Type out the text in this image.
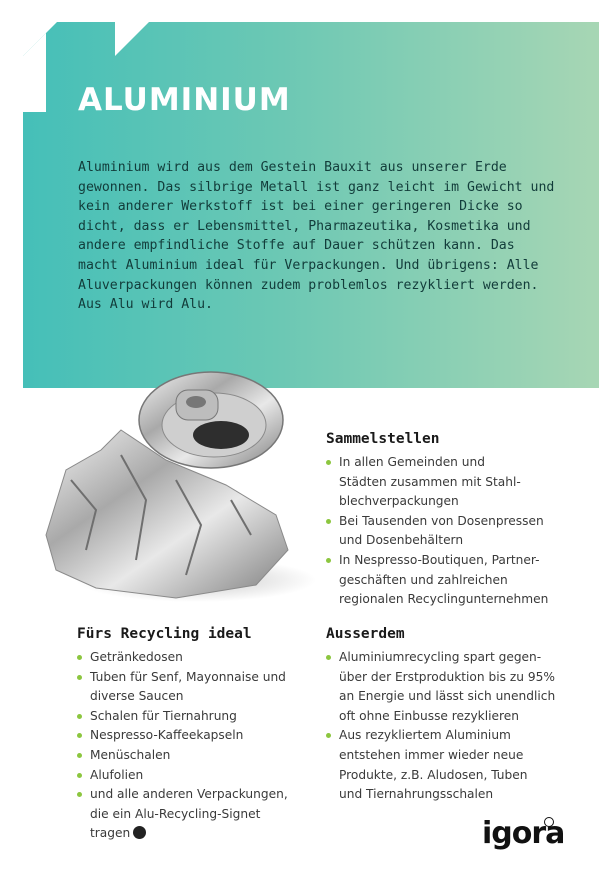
ALUMINIUM

Aluminium wird aus dem Gestein Bauxit aus unserer Erde
gewonnen. Das silbrige Metall ist ganz leicht im Gewicht und
kein anderer Werkstoff ist bei einer geringeren Dicke so
dicht, dass er Lebensmittel, Pharmazeutika, Kosmetika und
andere empfindliche Stoffe auf Dauer schützen kann. Das
macht Aluminium ideal für Verpackungen. Und übrigens: Alle
Aluverpackungen können zudem problemlos rezykliert werden.
Aus Alu wird Alu.

Sammelstellen
In allen Gemeinden und
Städten zusammen mit Stahl-
blechverpackungen
Bei Tausenden von Dosenpressen
und Dosenbehältern
In Nespresso-Boutiquen, Partner-
geschäften und zahlreichen
regionalen Recyclingunternehmen
Fürs Recycling ideal
Getränkedosen
Tuben für Senf, Mayonnaise und
diverse Saucen
Schalen für Tiernahrung
Nespresso-Kaffeekapseln
Menüschalen
Alufolien
und alle anderen Verpackungen,
die ein Alu-Recycling-Signet
tragen
Ausserdem
Aluminiumrecycling spart gegen-
über der Erstproduktion bis zu 95%
an Energie und lässt sich unendlich
oft ohne Einbusse rezyklieren
Aus rezykliertem Aluminium
entstehen immer wieder neue
Produkte, z.B. Aludosen, Tuben
und Tiernahrungsschalen
igora
